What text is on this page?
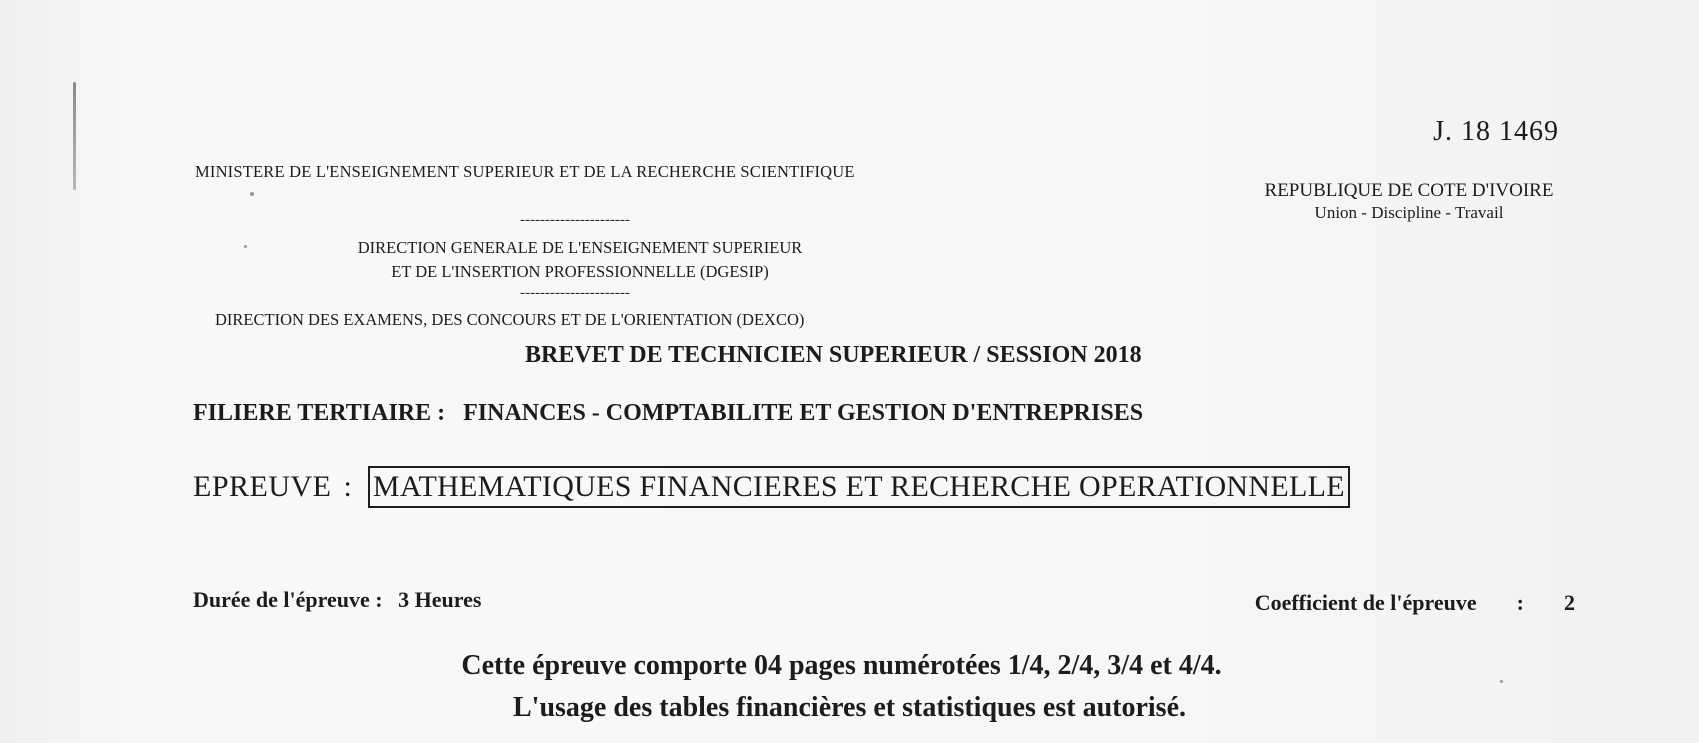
J. 18 1469
MINISTERE DE L'ENSEIGNEMENT SUPERIEUR ET DE LA RECHERCHE SCIENTIFIQUE
----------------------
DIRECTION GENERALE DE L'ENSEIGNEMENT SUPERIEUR
ET DE L'INSERTION PROFESSIONNELLE (DGESIP)
----------------------
DIRECTION DES EXAMENS, DES CONCOURS ET DE L'ORIENTATION (DEXCO)
REPUBLIQUE DE COTE D'IVOIRE
Union - Discipline - Travail
BREVET DE TECHNICIEN SUPERIEUR / SESSION 2018
FILIERE TERTIAIRE : FINANCES - COMPTABILITE ET GESTION D'ENTREPRISES
EPREUVE : MATHEMATIQUES FINANCIERES ET RECHERCHE OPERATIONNELLE
Durée de l'épreuve : 3 Heures	Coefficient de l'épreuve : 2
Cette épreuve comporte 04 pages numérotées 1/4, 2/4, 3/4 et 4/4.
L'usage des tables financières et statistiques est autorisé.
